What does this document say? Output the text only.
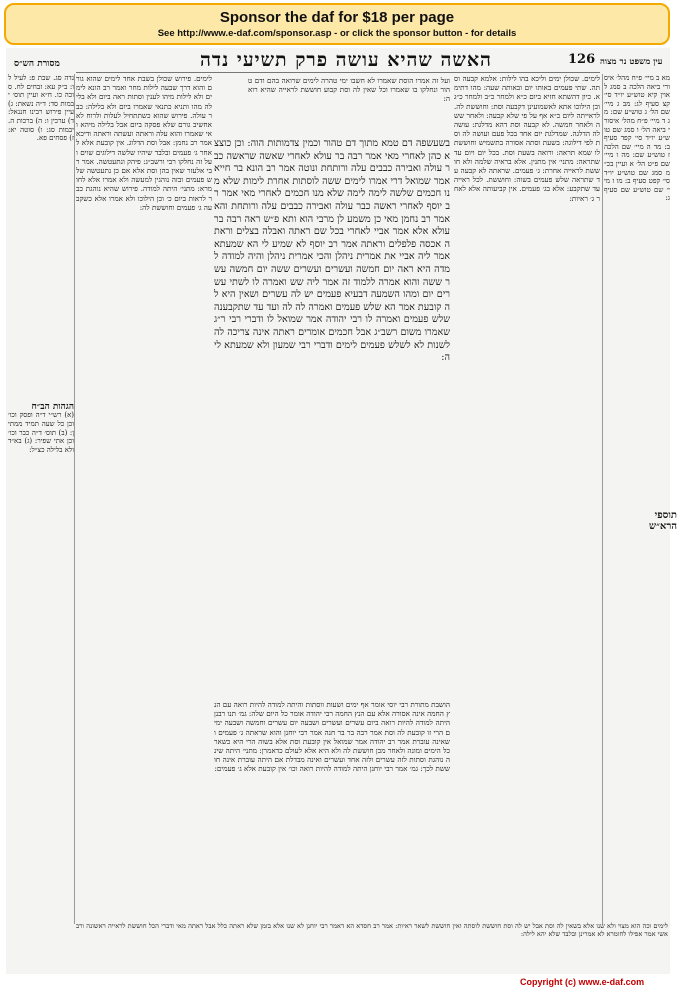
Sponsor the daf for $18 per page
See http://www.e-daf.com/sponsor.asp - or click the sponsor button - for details
126
האשה שהיא עושה פרק תשיעי נדה	עין משפט נר מצוה
מסורת הש״ס
מא ב מיי׳ פ״ח מהל׳ איסורי ביאה הלכה ב סמג לאוין קיא טוש״ע יו״ד סי׳ קצ סעיף לג: מב ג מיי׳ שם הל׳ ג טוש״ע שם: מג ד מיי׳ פ״ח מהל׳ איסורי ביאה הל׳ ו סמג שם טוש״ע יו״ד סי׳ קפד סעיף ב: מד ה מיי׳ שם הלכה ז טוש״ע שם: מה ו מיי׳ שם פ״ט הל׳ א ועיין בכ״מ סמג שם טוש״ע יו״ד סי׳ קפט סעיף ב: מו ז מיי׳ שם טוש״ע שם סעיף ג:
לימים. שכולן ימים וליכא בהו לילות: אלמא קבעה וסתה. שתי פעמים באותו יום ובאותה שעה: מהו דתימא. כיון דהשתא חזיא ביום כ״א ולמחר כ״ב ולמחר כ״ג וכן הילוכו אתא לאשמועינן דקבעה וסת: וחוששת לה. לראייתה ליום כ״א אף על פי שלא קבעה: ולאחר ששה ולאחר חמשה. לא קבעה וסת דהא מדלגת: עושה לה הדלגה. שמדלגת יום אחד בכל פעם ועושה לה וסת לפי דילוגה: בשעת וסתה אסורה בתשמיש וחוששת לו שמא תראה: ורואה בשעת וסת. בכל יום ויום עד שתראה: מתני׳ אין מתנין. אלא בראיה שלמה ולא חוששת לראייה אחרת: ג׳ פעמים. שראתה לא קבעה עד שתראה שלש פעמים בשוה: וחוששת. לכל ראייה עד שתקבע: אלא בג׳ פעמים. אין קביעותה אלא לאחר ג׳ ראיות:
ועל זה אמרו הוסת שאמרו לא חשבו ימי טהרה לימים שרואה בהם ודם טהור ונחלקו בו שאמרו וכל שאין לה וסת קבוע חוששת לראייה שהיא רואה:
בשעשפה דם טמא מתוך דם טהור וכמין צדמותות הוה: וכן כוצצא כהן לאחרי מאי אמר רבה בר עולא לאחרי שאשה שראשה כבר עולה ואבירה כבבים עלה ורותחת ונוטה אמר רב הונא בר חייא אמר שמואל דרי אמרו לימים ששה לוסתות אחרת לימות שלא מנו חכמים שלשה לימה לימה שלא מנו חכמים לאחרי מאי אמר רב יוסף לאחרי ראשה כבר עולה ואבירה כבבים עלה ורותחת והא אמר רב נחמן מאי כן משמע לן מרבי הוא ותא פ״ש ראה רבה בר עולא אלא אמר אביי לאחרי בכל שם ראתה ואבלה בצלים וראתה אכסה פלפלים וראתה אמר רב יוסף לא שמיע לי הא שמעתא אמר ליה אביי את אמרית ניהלן והכי אמרית ניהלן והיה למודה למדה היא ראה יום חמשה ועשרים ועשרים ששה יום חמשה עשר ששה והוא אמרה ללמוד זה אמר ליה שש ואמרה לו לשתי עשרים יום ומהו השמעה דבעיא פעמים יש לה עשרים ושאין היא לה קובעת אמר הא שלש פעמים ואמרה לה לה ועד עד שתקבענה שלש פעמים ואמרה לו רבי יהודה אמר שמואל לו ודברי רבי ר״ג שאמרו משום רשב״ג אבל חכמים אומרים ראתה אינה צריכה לה לשנות לא לשלש פעמים לימים ודברי רבי שמעון ולא שמעתא ליה:
הושבת מתורת רבי יוסי אומר אף ימים ושעות ווסתות והיתה למודה להיות רואה עם הנץ החמה אינה אסורה אלא עם הנץ החמה רבי יהודה אומר כל היום שלה: גמ׳ תנו רבנן היתה למודה להיות רואה ביום עשרים ועשרים ושבעה יום עשרים וחמשה ושבעה ימים הרי זו קובעת לה וסת אמר רבה בר בר חנה אמר רבי יוחנן והוא שראתה ג׳ פעמים ושאינה עוברת אמר רב יהודה אמר שמואל אין קובעת וסת אלא בשוה הרי היא כשאר כל הימים ומונה ולאחר מכן חוששת לה ולא היא אלא לעולם כדאמרן: מתני׳ היתה שינה נוהגת וסתות לזה עשרים ולזה אחד ועשרים ואינה מבדלת אם היתה עוברת אינה חוששת לכך: גמ׳ אמר רבי יוחנן היתה למודה להיות רואה וכו׳ אין קובעת אלא ג׳ פעמים:
לימים. פירוש שכולן בשבת אחד לימים שהוא גורם והוא דרך שבעה לילות מחר ואמר רב הונא לימים ולא לילות מיהו לענין וסתות ראה ביום ולא בלילה מהו ותניא כתנאי שאמרו ביום ולא בלילה: כבר עולה. פירוש שהוא כשתתחיל לעלות ולרוח לא אחשיב גורם שלא פסקה ביום אבל בלילה מיהא ואי שאמרו והוא עלה וראתה ועשתה וראתה ודיכא אמר רב נחמן: אבל וסת הדלוג. אין קובעת אלא לאחר ג׳ פעמים ובלבד שיהיו שלשה דילוגים שוים ועל זה נחלקו רבי ורשב״ג: פיהק ונתעטשה. אמר רבי אלעזר שאין בהן וסת אלא אם כן נתעטשה שלש פעמים ובזה נוהגין למעשה ולא אמרו אלא לחומרא: מתני׳ היתה למודה. פירוש שהיא נוהגת כבר לראות ביום כ׳ וכן הילוכו ולא אמרו אלא כשקבעה ג׳ פעמים וחוששת לה:
נדה סג. שבת פ: לעיל לו: ב״ק עא: זבחים לח. סוכה כו. ח״א ועיין תוס׳ יבמות סד: ד״ה נשאת: ג) עיין פירוש רבינו חננאל: ד) ערכין ו: ה) ברכות ה. יבמות סג: ו) סוטה יא: ז) פסחים פא.
הגהות הב״ח
(א) רש״י ד״ה ופסק וכו׳ וכן כל שעה תמיד ממתין: (ב) תוס׳ ד״ה כבר וכו׳ וכן אתי שפיר: (ג) בא״ד ולא בלילה כצ״ל:
לימים וכה הוא מצוי ולא שנו אלא בשאין לה וסת אבל יש לה וסת חוששת לוסתה ואין חוששת לשאר ראיות: אמר רב חסדא הא דאמר רבי יוחנן לא שנו אלא בזמן שלא ראתה כלל אבל ראתה מאי ודברי הכל חוששת לראייה ראשונה ורב אשי אמר אפילו לחומרא לא אמרינן ובלבד שלא יהא לילה:
תוספי הרא״ש
Copyright (c) www.e-daf.com
